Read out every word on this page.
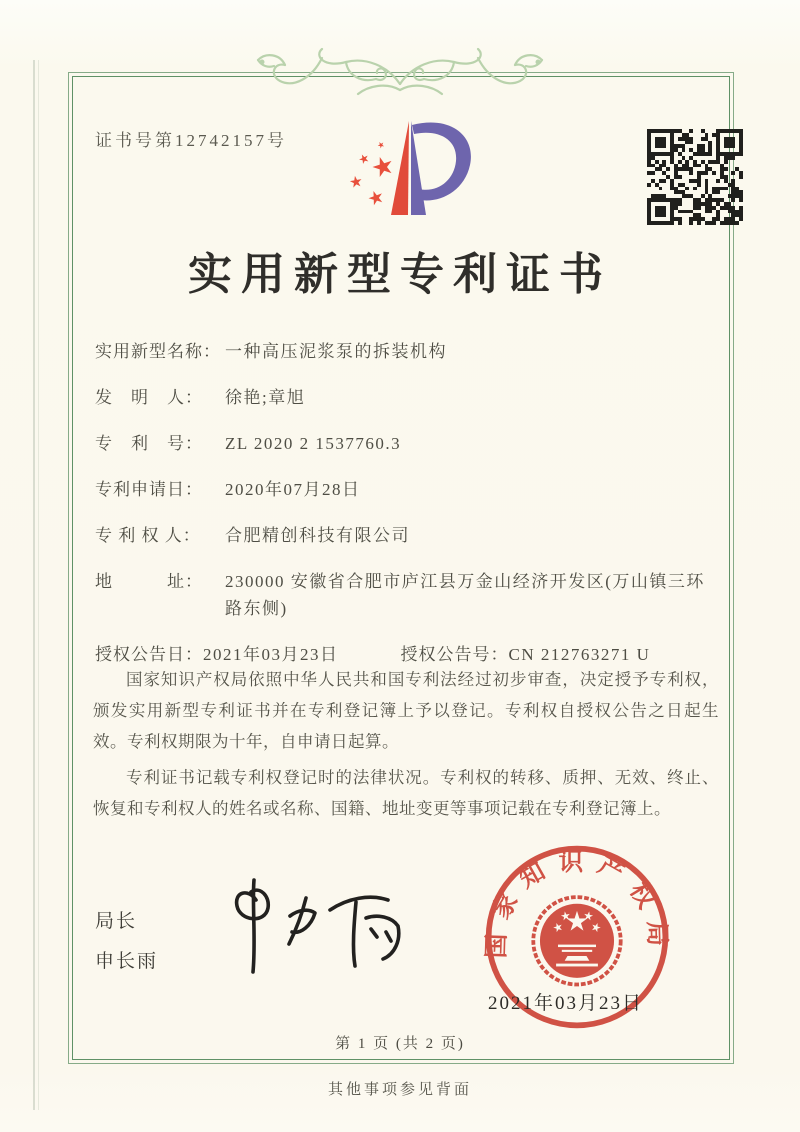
证书号第12742157号
实用新型专利证书
实用新型名称： 一种高压泥浆泵的拆装机构
发　明　人：	徐艳;章旭
专　利　号：	ZL 2020 2 1537760.3
专利申请日：	2020年07月28日
专 利 权 人：	合肥精创科技有限公司
地　　　址：	230000 安徽省合肥市庐江县万金山经济开发区(万山镇三环路东侧)
授权公告日： 2021年03月23日	授权公告号： CN 212763271 U

国家知识产权局依照中华人民共和国专利法经过初步审查，决定授予专利权，颁发实用新型专利证书并在专利登记簿上予以登记。专利权自授权公告之日起生效。专利权期限为十年，自申请日起算。

专利证书记载专利权登记时的法律状况。专利权的转移、质押、无效、终止、恢复和专利权人的姓名或名称、国籍、地址变更等事项记载在专利登记簿上。

局长
申长雨
国家知识产权局
2021年03月23日
第 1 页 (共 2 页)
其他事项参见背面
